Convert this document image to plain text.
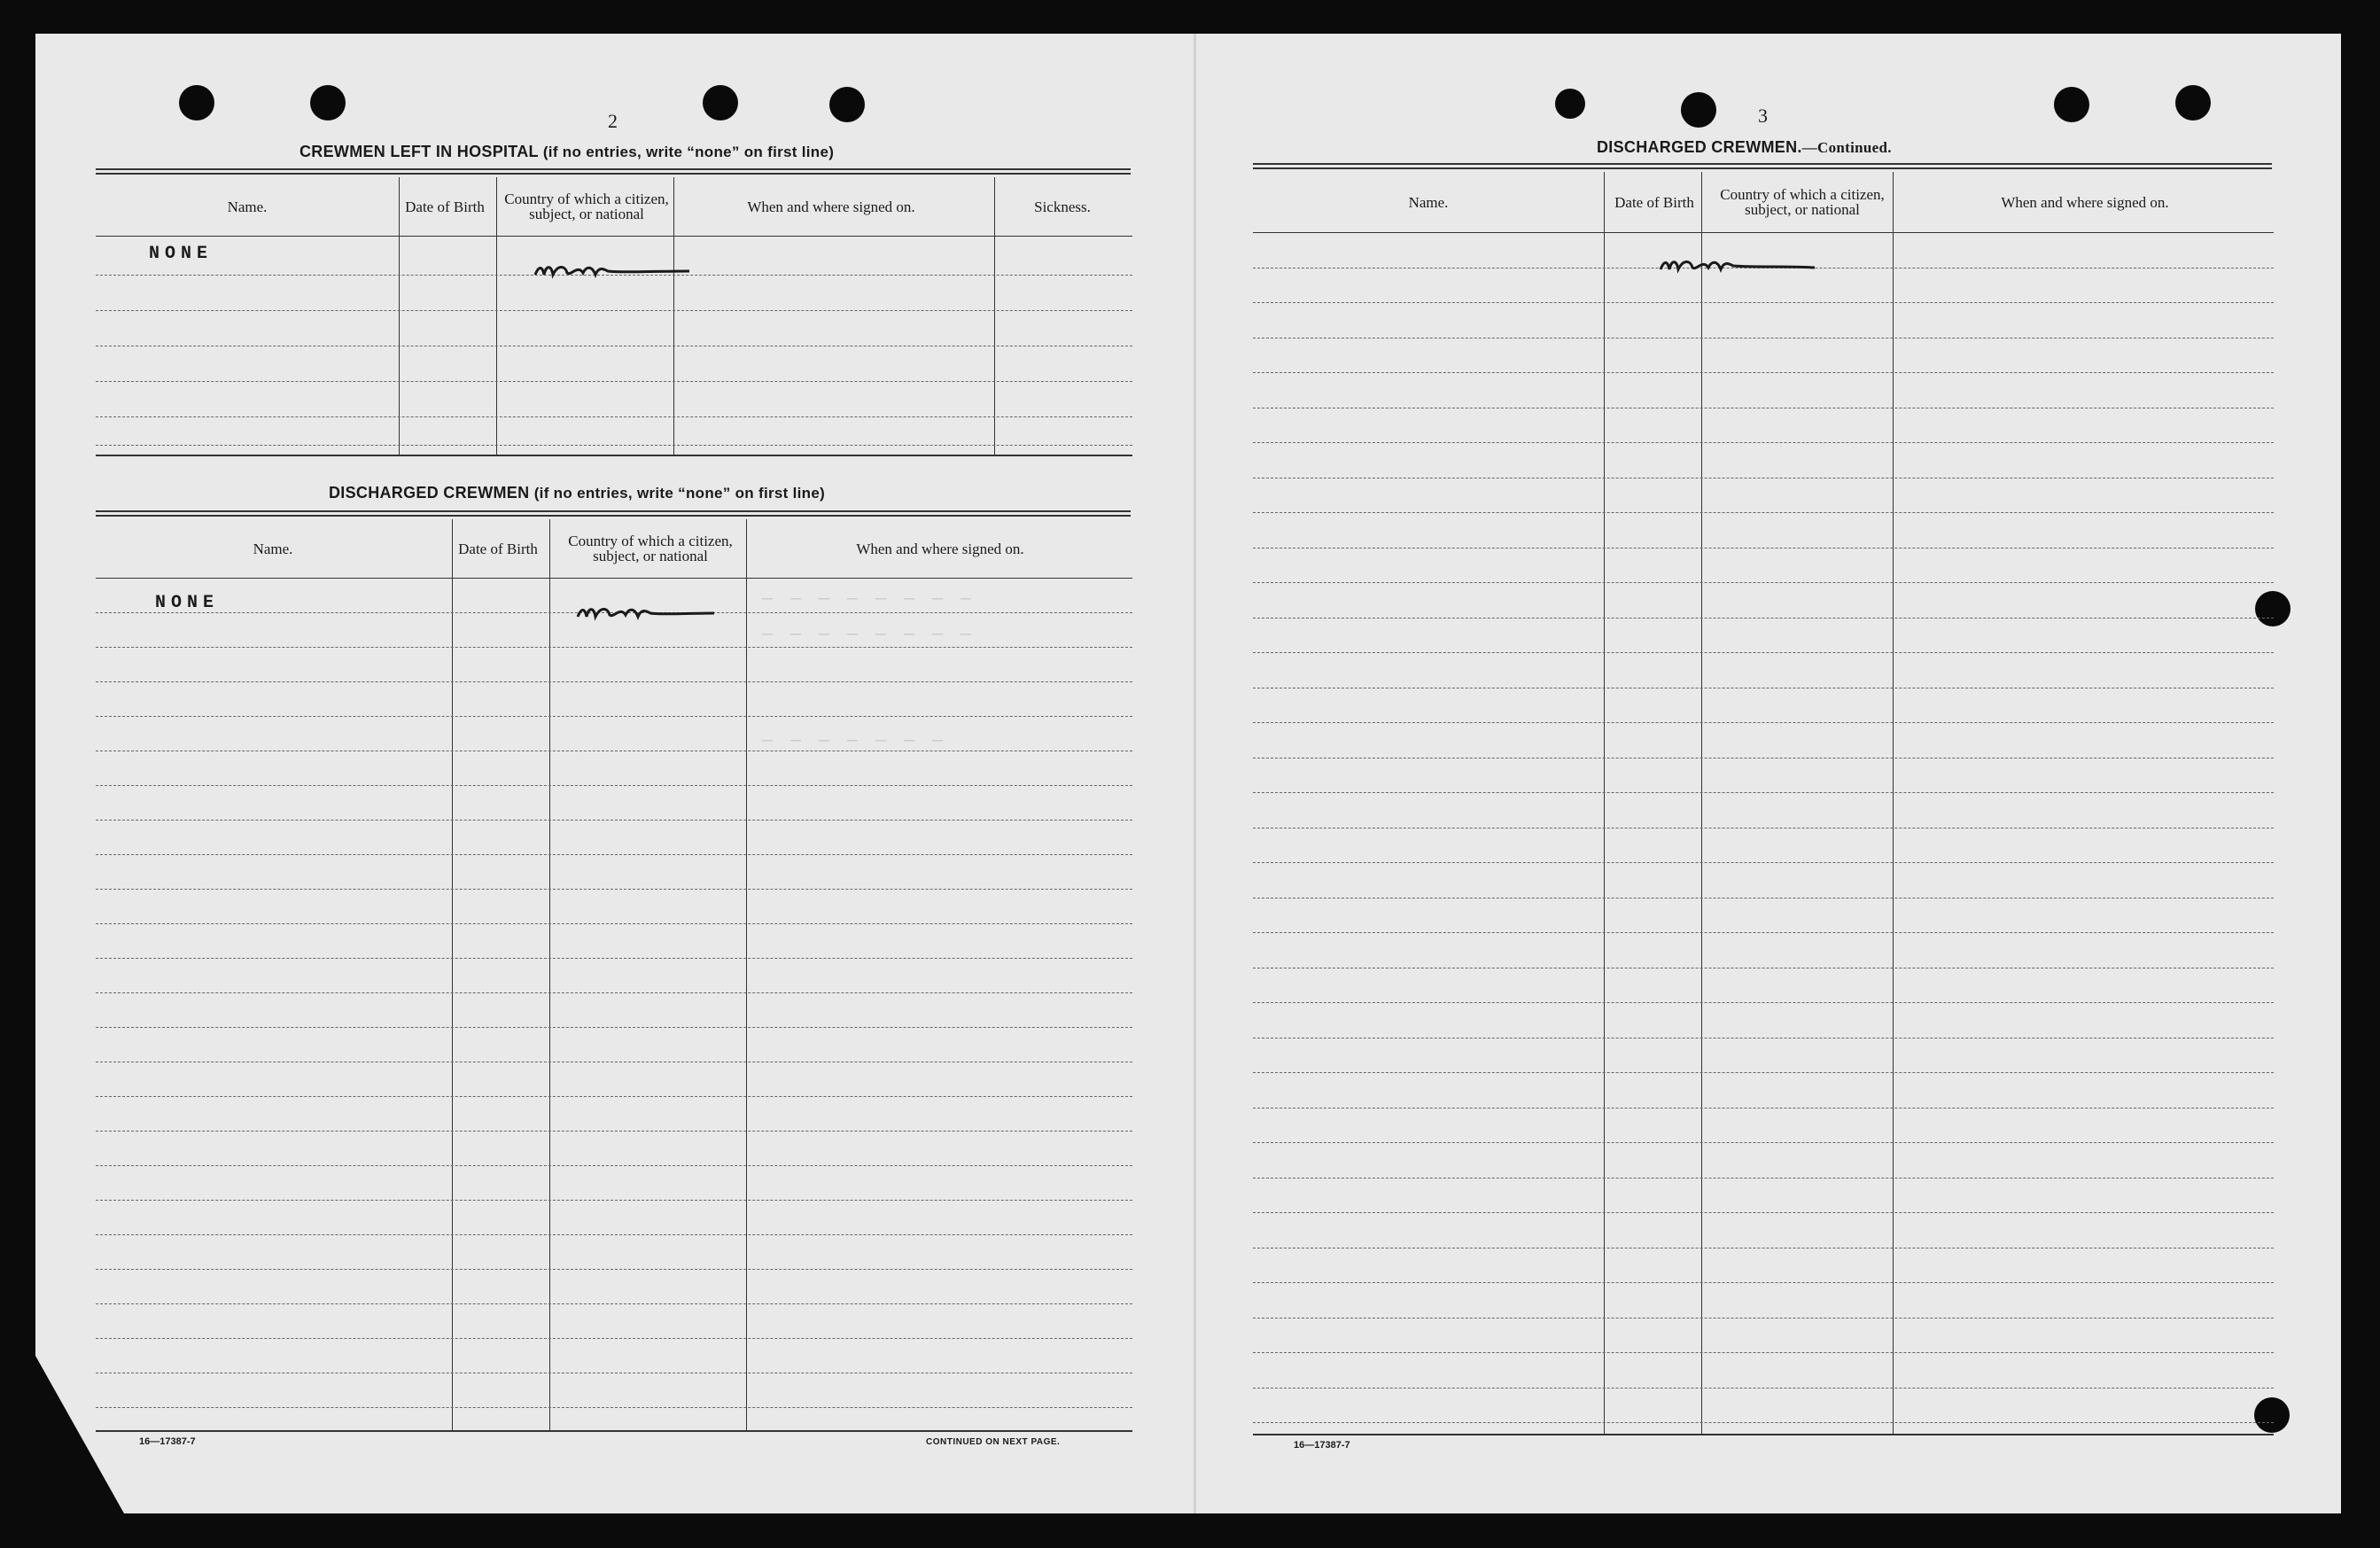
— — — — — — — —
— — — — — — — —
— — — — — — —
2
CREWMEN LEFT IN HOSPITAL (if no entries, write “none” on first line)
Name.	Date of Birth	Country of which a citizen, subject, or national	When and where signed on.	Sickness.
NONE
DISCHARGED CREWMEN (if no entries, write “none” on first line)
Name.	Date of Birth	Country of which a citizen, subject, or national	When and where signed on.
NONE
16—17387-7	CONTINUED ON NEXT PAGE.
3
DISCHARGED CREWMEN.—Continued.
Name.	Date of Birth	Country of which a citizen, subject, or national	When and where signed on.
16—17387-7
